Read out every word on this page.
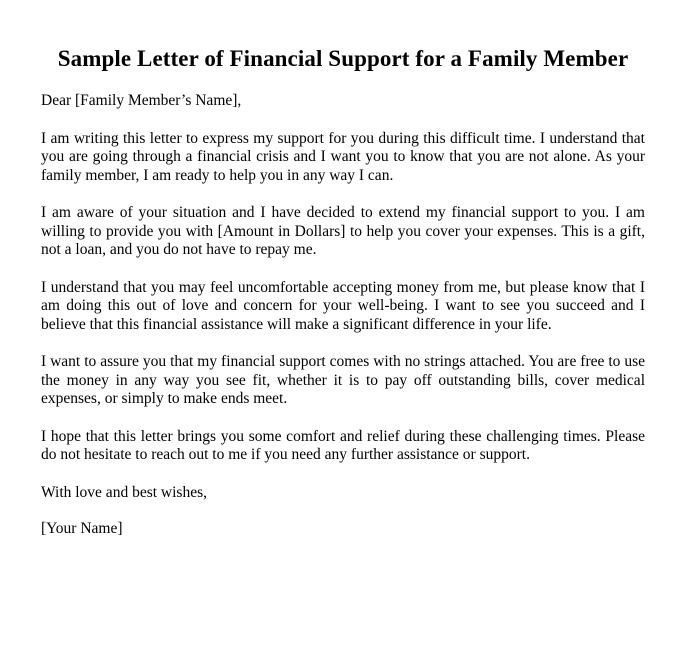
Sample Letter of Financial Support for a Family Member

Dear [Family Member’s Name],

I am writing this letter to express my support for you during this difficult time. I understand that you are going through a financial crisis and I want you to know that you are not alone. As your family member, I am ready to help you in any way I can.

I am aware of your situation and I have decided to extend my financial support to you. I am willing to provide you with [Amount in Dollars] to help you cover your expenses. This is a gift, not a loan, and you do not have to repay me.

I understand that you may feel uncomfortable accepting money from me, but please know that I am doing this out of love and concern for your well-being. I want to see you succeed and I believe that this financial assistance will make a significant difference in your life.

I want to assure you that my financial support comes with no strings attached. You are free to use the money in any way you see fit, whether it is to pay off outstanding bills, cover medical expenses, or simply to make ends meet.

I hope that this letter brings you some comfort and relief during these challenging times. Please do not hesitate to reach out to me if you need any further assistance or support.

With love and best wishes,

[Your Name]
